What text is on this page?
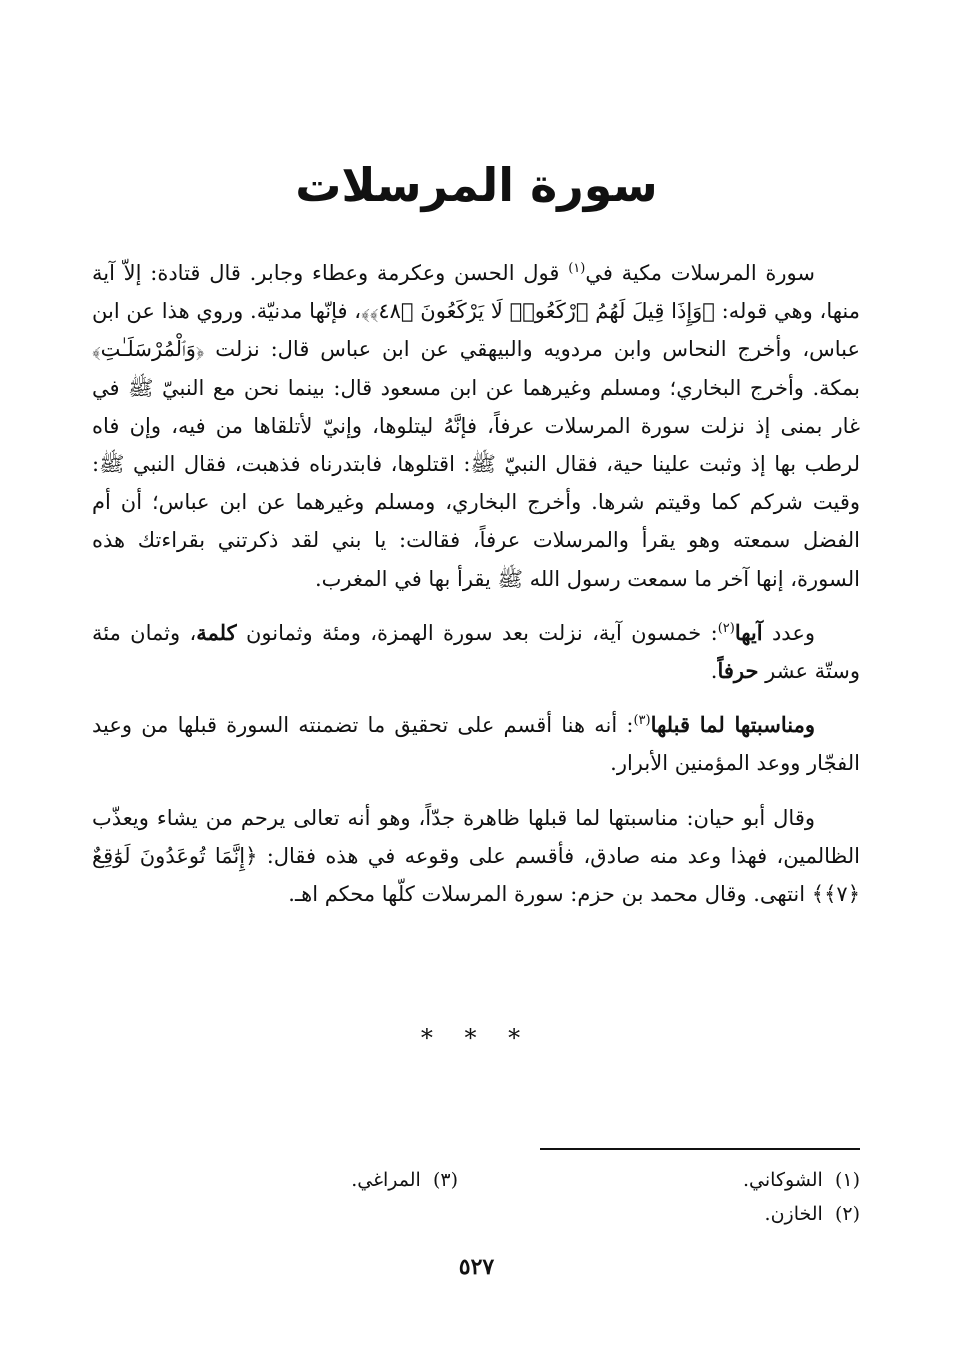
سورة المرسلات

سورة المرسلات مكية في$^{(١)}$ قول الحسن وعكرمة وعطاء وجابر. قال قتادة: إلاّ آية منها، وهي قوله: ﴿وَإِذَا قِيلَ لَهُمُ ٱرْكَعُوا۟ لَا يَرْكَعُونَ ﴿٤٨﴾﴾، فإنّها مدنيّة. وروي هذا عن ابن عباس، وأخرج النحاس وابن مردويه والبيهقي عن ابن عباس قال: نزلت ﴿وَٱلْمُرْسَلَـٰتِ﴾ بمكة. وأخرج البخاري؛ ومسلم وغيرهما عن ابن مسعود قال: بينما نحن مع النبيّ ﷺ في غار بمنى إذ نزلت سورة المرسلات عرفاً، فإنَّهُ ليتلوها، وإنيّ لأتلقاها من فيه، وإن فاه لرطب بها إذ وثبت علينا حية، فقال النبيّ ﷺ: اقتلوها، فابتدرناه فذهبت، فقال النبي ﷺ: وقيت شركم كما وقيتم شرها. وأخرج البخاري، ومسلم وغيرهما عن ابن عباس؛ أن أم الفضل سمعته وهو يقرأ والمرسلات عرفاً، فقالت: يا بني لقد ذكرتني بقراءتك هذه السورة، إنها آخر ما سمعت رسول الله ﷺ يقرأ بها في المغرب.

وعدد آيها$^{(٢)}$: خمسون آية، نزلت بعد سورة الهمزة، ومئة وثمانون كلمة، وثمان مئة وستّة عشر حرفاً.

ومناسبتها لما قبلها$^{(٣)}$: أنه هنا أقسم على تحقيق ما تضمنته السورة قبلها من وعيد الفجّار ووعد المؤمنين الأبرار.

وقال أبو حيان: مناسبتها لما قبلها ظاهرة جدّاً، وهو أنه تعالى يرحم من يشاء ويعذّب الظالمين، فهذا وعد منه صادق، فأقسم على وقوعه في هذه فقال: ﴿إِنَّمَا تُوعَدُونَ لَوَٰقِعٌ ﴿٧﴾﴾ انتهى. وقال محمد بن حزم: سورة المرسلات كلّها محكم اهـ.

* * *
(١)  الشوكاني.
(٢)  الخازن.
(٣)  المراغي.
٥٢٧
